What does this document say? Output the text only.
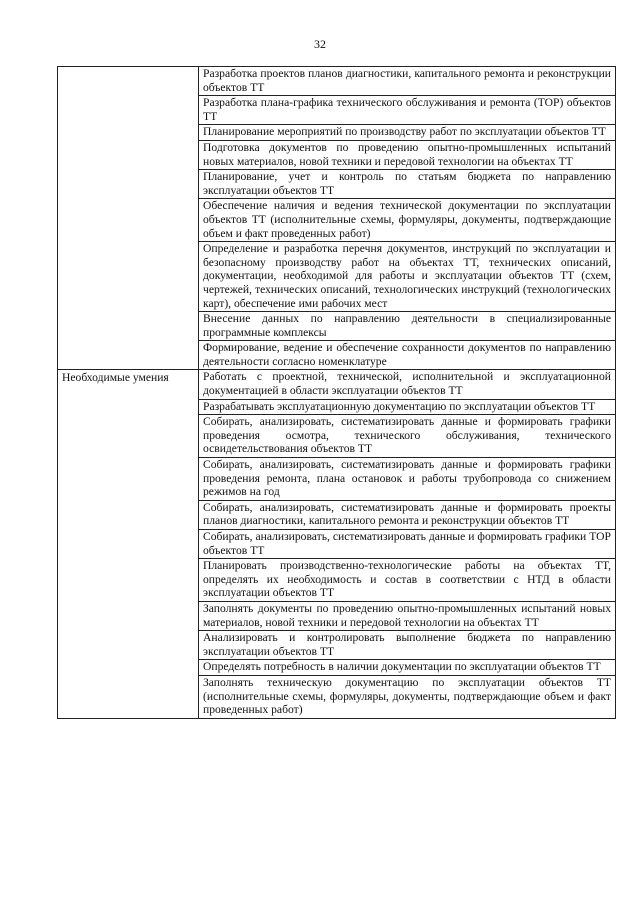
32

	Разработка проектов планов диагностики, капитального ремонта и реконструкции объектов ТТ

	Разработка плана-графика технического обслуживания и ремонта (ТОР) объектов ТТ

	Планирование мероприятий по производству работ по эксплуатации объектов ТТ

	Подготовка документов по проведению опытно-промышленных испытаний новых материалов, новой техники и передовой технологии на объектах ТТ

	Планирование, учет и контроль по статьям бюджета по направлению эксплуатации объектов ТТ

	Обеспечение наличия и ведения технической документации по эксплуатации объектов ТТ (исполнительные схемы, формуляры, документы, подтверждающие объем и факт проведенных работ)

	Определение и разработка перечня документов, инструкций по эксплуатации и безопасному производству работ на объектах ТТ, технических описаний, документации, необходимой для работы и эксплуатации объектов ТТ (схем, чертежей, технических описаний, технологических инструкций (технологических карт), обеспечение ими рабочих мест

	Внесение данных по направлению деятельности в специализированные программные комплексы

	Формирование, ведение и обеспечение сохранности документов по направлению деятельности согласно номенклатуре

Необходимые умения	Работать с проектной, технической, исполнительной и эксплуатационной документацией в области эксплуатации объектов ТТ

	Разрабатывать эксплуатационную документацию по эксплуатации объектов ТТ

	Собирать, анализировать, систематизировать данные и формировать графики проведения осмотра, технического обслуживания, технического освидетельствования объектов ТТ

	Собирать, анализировать, систематизировать данные и формировать графики проведения ремонта, плана остановок и работы трубопровода со снижением режимов на год

	Собирать, анализировать, систематизировать данные и формировать проекты планов диагностики, капитального ремонта и реконструкции объектов ТТ

	Собирать, анализировать, систематизировать данные и формировать графики ТОР объектов ТТ

	Планировать производственно-технологические работы на объектах ТТ, определять их необходимость и состав в соответствии с НТД в области эксплуатации объектов ТТ

	Заполнять документы по проведению опытно-промышленных испытаний новых материалов, новой техники и передовой технологии на объектах ТТ

	Анализировать и контролировать выполнение бюджета по направлению эксплуатации объектов ТТ

	Определять потребность в наличии документации по эксплуатации объектов ТТ

	Заполнять техническую документацию по эксплуатации объектов ТТ (исполнительные схемы, формуляры, документы, подтверждающие объем и факт проведенных работ)
